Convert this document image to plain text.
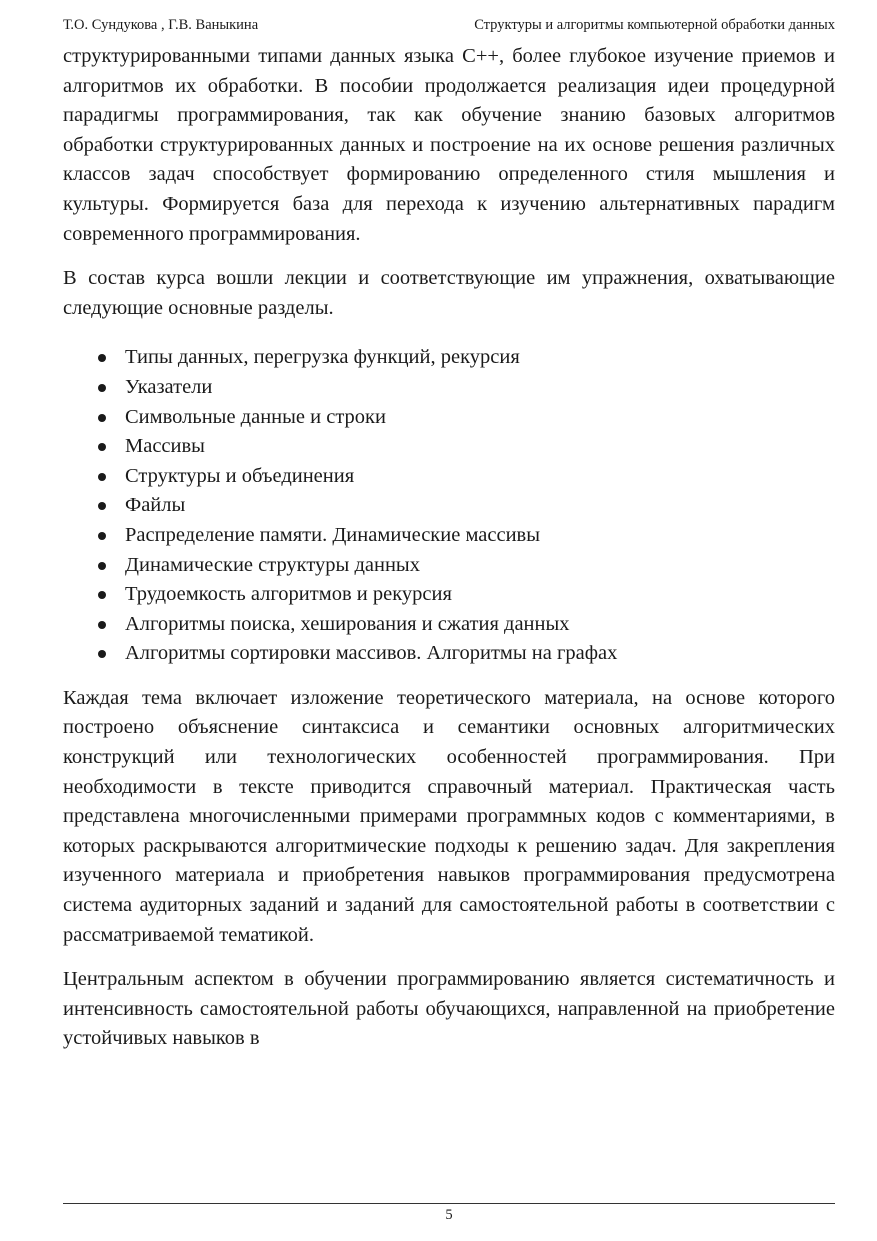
Т.О. Сундукова , Г.В. Ваныкина	Структуры и алгоритмы компьютерной обработки данных

структурированными типами данных языка С++, более глубокое изучение приемов и алгоритмов их обработки. В пособии продолжается реализация идеи процедурной парадигмы программирования, так как обучение знанию базовых алгоритмов обработки структурированных данных и построение на их основе решения различных классов задач способствует формированию определенного стиля мышления и культуры. Формируется база для перехода к изучению альтернативных парадигм современного программирования.

В состав курса вошли лекции и соответствующие им упражнения, охватывающие следующие основные разделы.

Типы данных, перегрузка функций, рекурсия
Указатели
Символьные данные и строки
Массивы
Структуры и объединения
Файлы
Распределение памяти. Динамические массивы
Динамические структуры данных
Трудоемкость алгоритмов и рекурсия
Алгоритмы поиска, хеширования и сжатия данных
Алгоритмы сортировки массивов. Алгоритмы на графах

Каждая тема включает изложение теоретического материала, на основе которого построено объяснение синтаксиса и семантики основных алгоритмических конструкций или технологических особенностей программирования. При необходимости в тексте приводится справочный материал. Практическая часть представлена многочисленными примерами программных кодов с комментариями, в которых раскрываются алгоритмические подходы к решению задач. Для закрепления изученного материала и приобретения навыков программирования предусмотрена система аудиторных заданий и заданий для самостоятельной работы в соответствии с рассматриваемой тематикой.

Центральным аспектом в обучении программированию является систематичность и интенсивность самостоятельной работы обучающихся, направленной на приобретение устойчивых навыков в

5
